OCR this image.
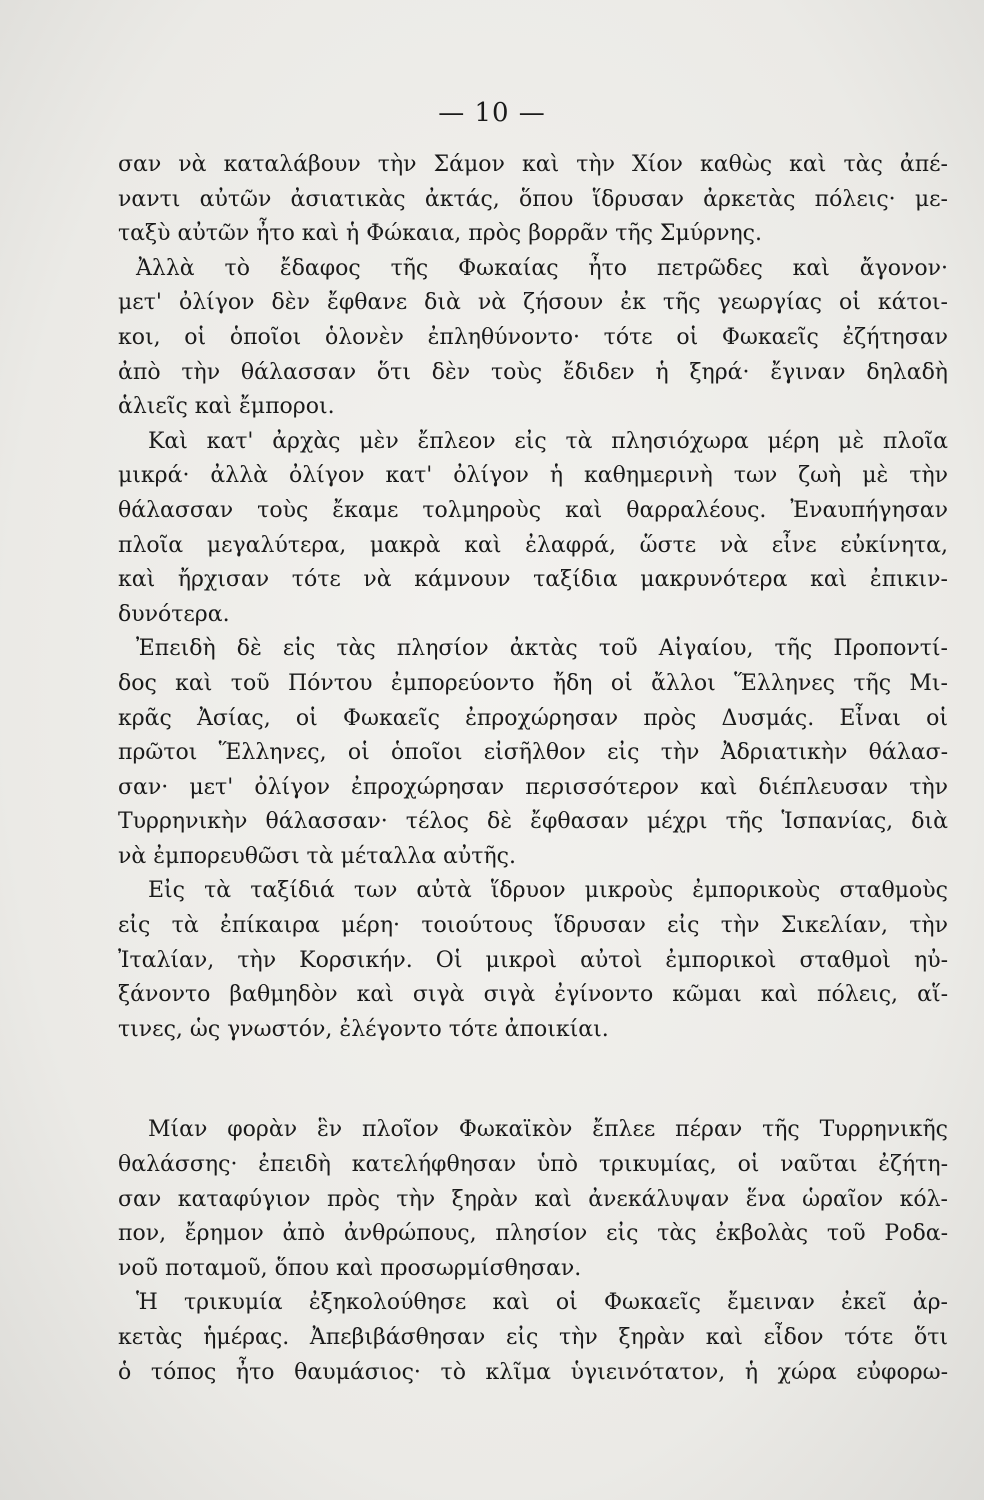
— 10 —
σαν νὰ καταλάβουν τὴν Σάμον καὶ τὴν Χίον καθὼς καὶ τὰς ἀπέ-
ναντι αὐτῶν ἀσιατικὰς ἀκτάς, ὅπου ἵδρυσαν ἀρκετὰς πόλεις· με-
ταξὺ αὐτῶν ἦτο καὶ ἡ Φώκαια, πρὸς βορρᾶν τῆς Σμύρνης.
Ἀλλὰ τὸ ἔδαφος τῆς Φωκαίας ἦτο πετρῶδες καὶ ἄγονον·
μετ' ὀλίγον δὲν ἔφθανε διὰ νὰ ζήσουν ἐκ τῆς γεωργίας οἱ κάτοι-
κοι, οἱ ὁποῖοι ὁλονὲν ἐπληθύνοντο· τότε οἱ Φωκαεῖς ἐζήτησαν
ἀπὸ τὴν θάλασσαν ὅτι δὲν τοὺς ἔδιδεν ἡ ξηρά· ἔγιναν δηλαδὴ
ἁλιεῖς καὶ ἔμποροι.
Καὶ κατ' ἀρχὰς μὲν ἔπλεον εἰς τὰ πλησιόχωρα μέρη μὲ πλοῖα
μικρά· ἀλλὰ ὀλίγον κατ' ὀλίγον ἡ καθημερινὴ των ζωὴ μὲ τὴν
θάλασσαν τοὺς ἔκαμε τολμηροὺς καὶ θαρραλέους. Ἐναυπήγησαν
πλοῖα μεγαλύτερα, μακρὰ καὶ ἐλαφρά, ὥστε νὰ εἶνε εὐκίνητα,
καὶ ἤρχισαν τότε νὰ κάμνουν ταξίδια μακρυνότερα καὶ ἐπικιν-
δυνότερα.
Ἐπειδὴ δὲ εἰς τὰς πλησίον ἀκτὰς τοῦ Αἰγαίου, τῆς Προποντί-
δος καὶ τοῦ Πόντου ἐμπορεύοντο ἤδη οἱ ἄλλοι Ἕλληνες τῆς Μι-
κρᾶς Ἀσίας, οἱ Φωκαεῖς ἐπροχώρησαν πρὸς Δυσμάς. Εἶναι οἱ
πρῶτοι Ἕλληνες, οἱ ὁποῖοι εἰσῆλθον εἰς τὴν Ἀδριατικὴν θάλασ-
σαν· μετ' ὀλίγον ἐπροχώρησαν περισσότερον καὶ διέπλευσαν τὴν
Τυρρηνικὴν θάλασσαν· τέλος δὲ ἔφθασαν μέχρι τῆς Ἱσπανίας, διὰ
νὰ ἐμπορευθῶσι τὰ μέταλλα αὐτῆς.
Εἰς τὰ ταξίδιά των αὐτὰ ἵδρυον μικροὺς ἐμπορικοὺς σταθμοὺς
εἰς τὰ ἐπίκαιρα μέρη· τοιούτους ἵδρυσαν εἰς τὴν Σικελίαν, τὴν
Ἰταλίαν, τὴν Κορσικήν. Οἱ μικροὶ αὐτοὶ ἐμπορικοὶ σταθμοὶ ηὐ-
ξάνοντο βαθμηδὸν καὶ σιγὰ σιγὰ ἐγίνοντο κῶμαι καὶ πόλεις, αἵ-
τινες, ὡς γνωστόν, ἐλέγοντο τότε ἀποικίαι.
Μίαν φορὰν ἓν πλοῖον Φωκαϊκὸν ἔπλεε πέραν τῆς Τυρρηνικῆς
θαλάσσης· ἐπειδὴ κατελήφθησαν ὑπὸ τρικυμίας, οἱ ναῦται ἐζήτη-
σαν καταφύγιον πρὸς τὴν ξηρὰν καὶ ἀνεκάλυψαν ἕνα ὡραῖον κόλ-
πον, ἔρημον ἀπὸ ἀνθρώπους, πλησίον εἰς τὰς ἐκβολὰς τοῦ Ροδα-
νοῦ ποταμοῦ, ὅπου καὶ προσωρμίσθησαν.
Ἡ τρικυμία ἐξηκολούθησε καὶ οἱ Φωκαεῖς ἔμειναν ἐκεῖ ἀρ-
κετὰς ἡμέρας. Ἀπεβιβάσθησαν εἰς τὴν ξηρὰν καὶ εἶδον τότε ὅτι
ὁ τόπος ἦτο θαυμάσιος· τὸ κλῖμα ὑγιεινότατον, ἡ χώρα εὐφορω-
